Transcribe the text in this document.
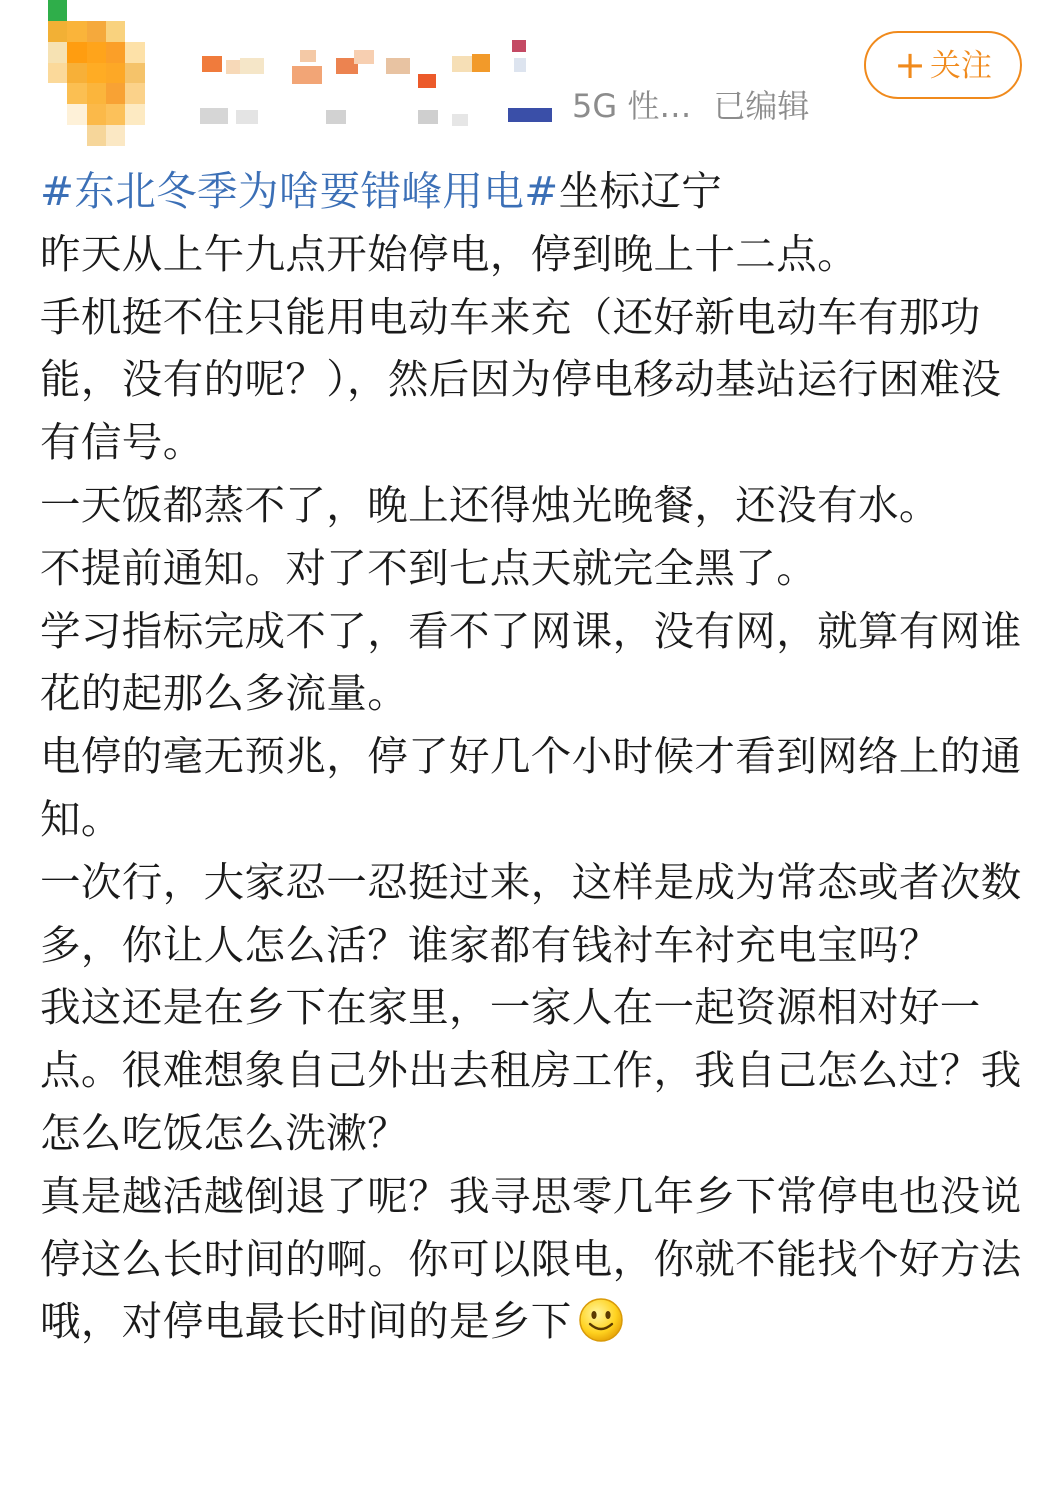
5G 性… 已编辑
+ 关注

#东北冬季为啥要错峰用电#坐标辽宁

昨天从上午九点开始停电，停到晚上十二点。

手机挺不住只能用电动车来充（还好新电动车有那功能，没有的呢？），然后因为停电移动基站运行困难没有信号。

一天饭都蒸不了，晚上还得烛光晚餐，还没有水。

不提前通知。对了不到七点天就完全黑了。

学习指标完成不了，看不了网课，没有网，就算有网谁花的起那么多流量。

电停的毫无预兆，停了好几个小时候才看到网络上的通知。

一次行，大家忍一忍挺过来，这样是成为常态或者次数多，你让人怎么活？谁家都有钱衬车衬充电宝吗？

我这还是在乡下在家里，一家人在一起资源相对好一点。很难想象自己外出去租房工作，我自己怎么过？我怎么吃饭怎么洗漱？

真是越活越倒退了呢？我寻思零几年乡下常停电也没说停这么长时间的啊。你可以限电，你就不能找个好方法

哦，对停电最长时间的是乡下
